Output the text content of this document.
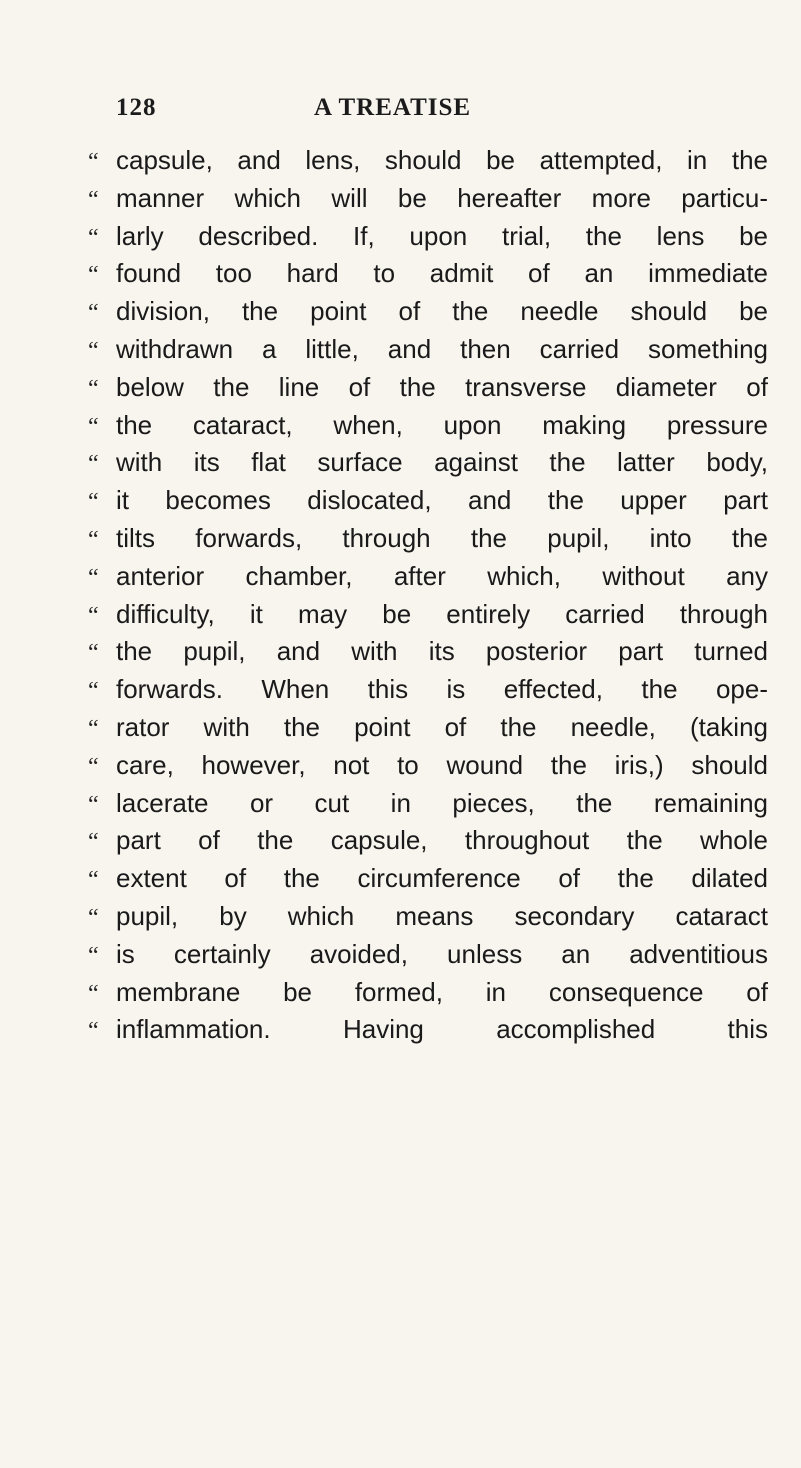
128	A TREATISE
“ capsule, and lens, should be attempted, in the
“ manner which will be hereafter more particu-
“ larly described. If, upon trial, the lens be
“ found too hard to admit of an immediate
“ division, the point of the needle should be
“ withdrawn a little, and then carried something
“ below the line of the transverse diameter of
“ the cataract, when, upon making pressure
“ with its flat surface against the latter body,
“ it becomes dislocated, and the upper part
“ tilts forwards, through the pupil, into the
“ anterior chamber, after which, without any
“ difficulty, it may be entirely carried through
“ the pupil, and with its posterior part turned
“ forwards. When this is effected, the ope-
“ rator with the point of the needle, (taking
“ care, however, not to wound the iris,) should
“ lacerate or cut in pieces, the remaining
“ part of the capsule, throughout the whole
“ extent of the circumference of the dilated
“ pupil, by which means secondary cataract
“ is certainly avoided, unless an adventitious
“ membrane be formed, in consequence of
“ inflammation. Having accomplished this
